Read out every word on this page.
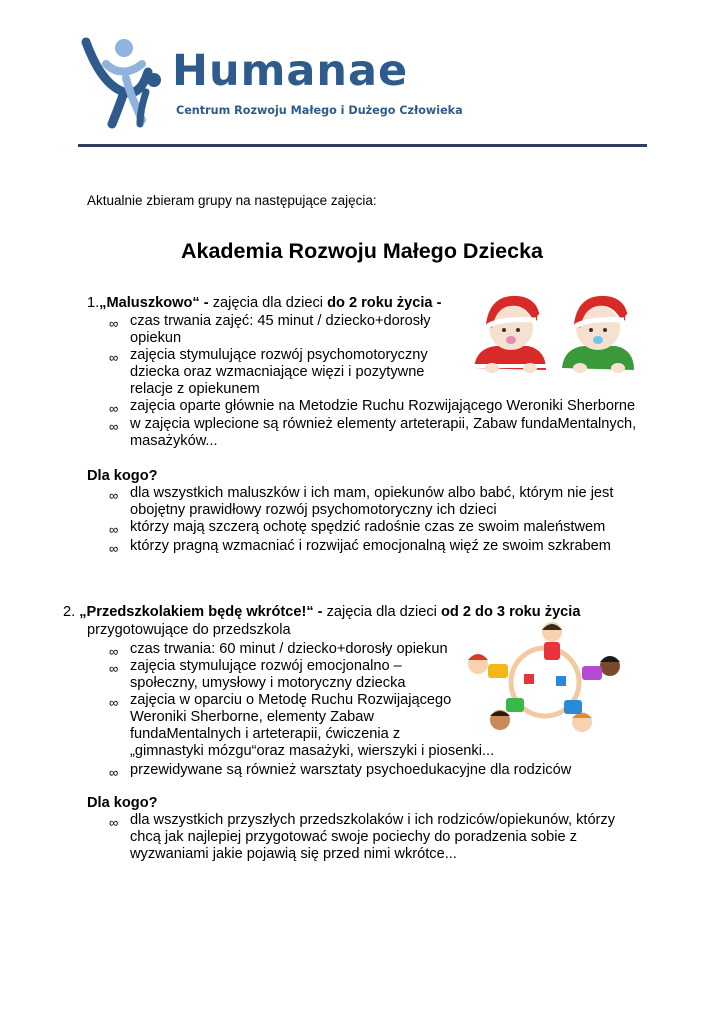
Humanae
Centrum Rozwoju Małego i Dużego Człowieka
Aktualnie zbieram grupy na następujące zajęcia:
Akademia Rozwoju Małego Dziecka
1.„Maluszkowo“ - zajęcia dla dzieci do 2 roku życia -
∞ czas trwania zajęć: 45 minut / dziecko+dorosły
opiekun
∞ zajęcia stymulujące rozwój psychomotoryczny
dziecka oraz wzmacniające więzi i pozytywne
relacje z opiekunem
∞ zajęcia oparte głównie na Metodzie Ruchu Rozwijającego Weroniki Sherborne
∞ w zajęcia wplecione są również elementy arteterapii, Zabaw fundaMentalnych,
masażyków...
Dla kogo?
∞ dla wszystkich maluszków i ich mam, opiekunów albo babć, którym nie jest
obojętny prawidłowy rozwój psychomotoryczny ich dzieci
∞ którzy mają szczerą ochotę spędzić radośnie czas ze swoim maleństwem
∞ którzy pragną wzmacniać i rozwijać emocjonalną więź ze swoim szkrabem
2. „Przedszkolakiem będę wkrótce!“ - zajęcia dla dzieci od 2 do 3 roku życia
przygotowujące do przedszkola
∞ czas trwania: 60 minut / dziecko+dorosły opiekun
∞ zajęcia stymulujące rozwój emocjonalno –
społeczny, umysłowy i motoryczny dziecka
∞ zajęcia w oparciu o Metodę Ruchu Rozwijającego
Weroniki Sherborne, elementy Zabaw
fundaMentalnych i arteterapii, ćwiczenia z
„gimnastyki mózgu“oraz masażyki, wierszyki i piosenki...
∞ przewidywane są również warsztaty psychoedukacyjne dla rodziców
Dla kogo?
∞ dla wszystkich przyszłych przedszkolaków i ich rodziców/opiekunów, którzy
chcą jak najlepiej przygotować swoje pociechy do poradzenia sobie z
wyzwaniami jakie pojawią się przed nimi wkrótce...
